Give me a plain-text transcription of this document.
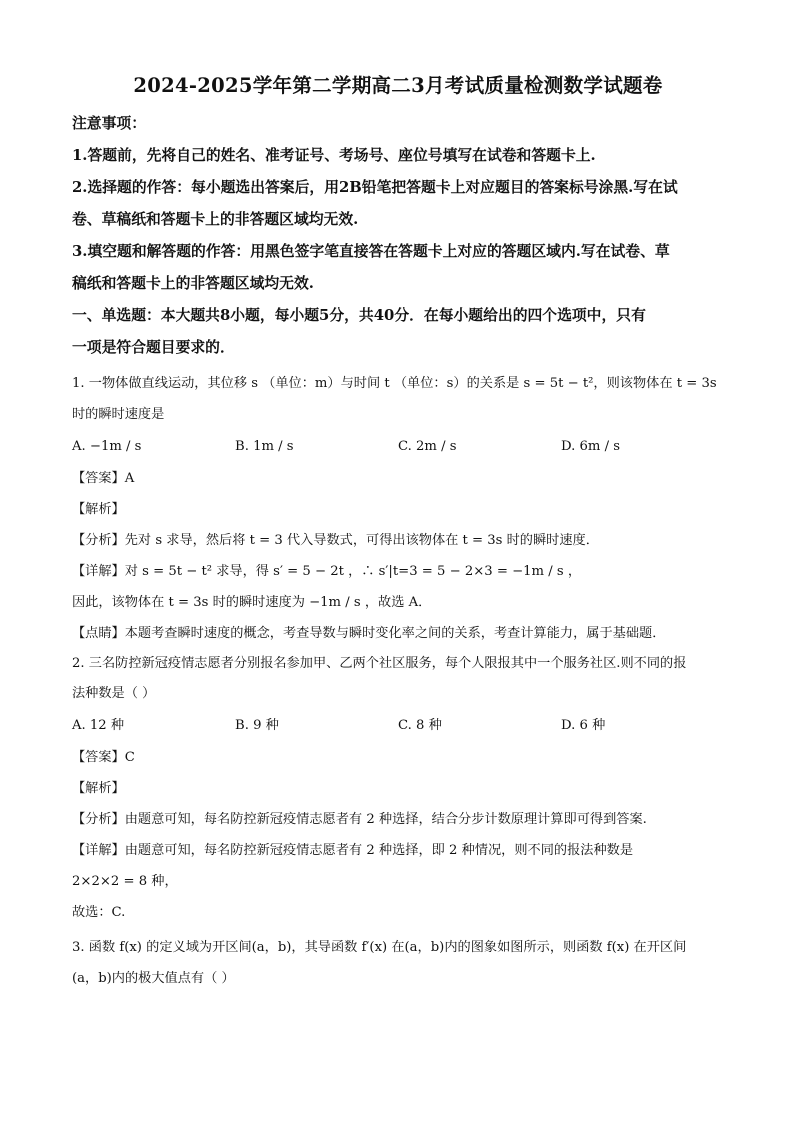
2024-2025学年第二学期高二3月考试质量检测数学试题卷

注意事项：

1.答题前，先将自己的姓名、准考证号、考场号、座位号填写在试卷和答题卡上.

2.选择题的作答：每小题选出答案后，用2B铅笔把答题卡上对应题目的答案标号涂黑.写在试

卷、草稿纸和答题卡上的非答题区域均无效.

3.填空题和解答题的作答：用黑色签字笔直接答在答题卡上对应的答题区域内.写在试卷、草

稿纸和答题卡上的非答题区域均无效.

一、单选题：本大题共8小题，每小题5分，共40分．在每小题给出的四个选项中，只有

一项是符合题目要求的．

1. 一物体做直线运动，其位移 s （单位：m）与时间 t （单位：s）的关系是 s = 5t − t²，则该物体在 t = 3s

时的瞬时速度是

A. −1m / s	B. 1m / s	C. 2m / s	D. 6m / s

【答案】A

【解析】

【分析】先对 s 求导，然后将 t = 3 代入导数式，可得出该物体在 t = 3s 时的瞬时速度．

【详解】对 s = 5t − t² 求导，得 s′ = 5 − 2t ，∴ s′|t=3 = 5 − 2×3 = −1m / s ，

因此，该物体在 t = 3s 时的瞬时速度为 −1m / s ，故选 A．

【点睛】本题考查瞬时速度的概念，考查导数与瞬时变化率之间的关系，考查计算能力，属于基础题．

2. 三名防控新冠疫情志愿者分别报名参加甲、乙两个社区服务，每个人限报其中一个服务社区.则不同的报

法种数是（ ）

A. 12 种	B. 9 种	C. 8 种	D. 6 种

【答案】C

【解析】

【分析】由题意可知，每名防控新冠疫情志愿者有 2 种选择，结合分步计数原理计算即可得到答案.

【详解】由题意可知，每名防控新冠疫情志愿者有 2 种选择，即 2 种情况，则不同的报法种数是

2×2×2 = 8 种，

故选：C.

3. 函数 f(x) 的定义域为开区间(a，b)，其导函数 f′(x) 在(a，b)内的图象如图所示，则函数 f(x) 在开区间

(a，b)内的极大值点有（ ）
